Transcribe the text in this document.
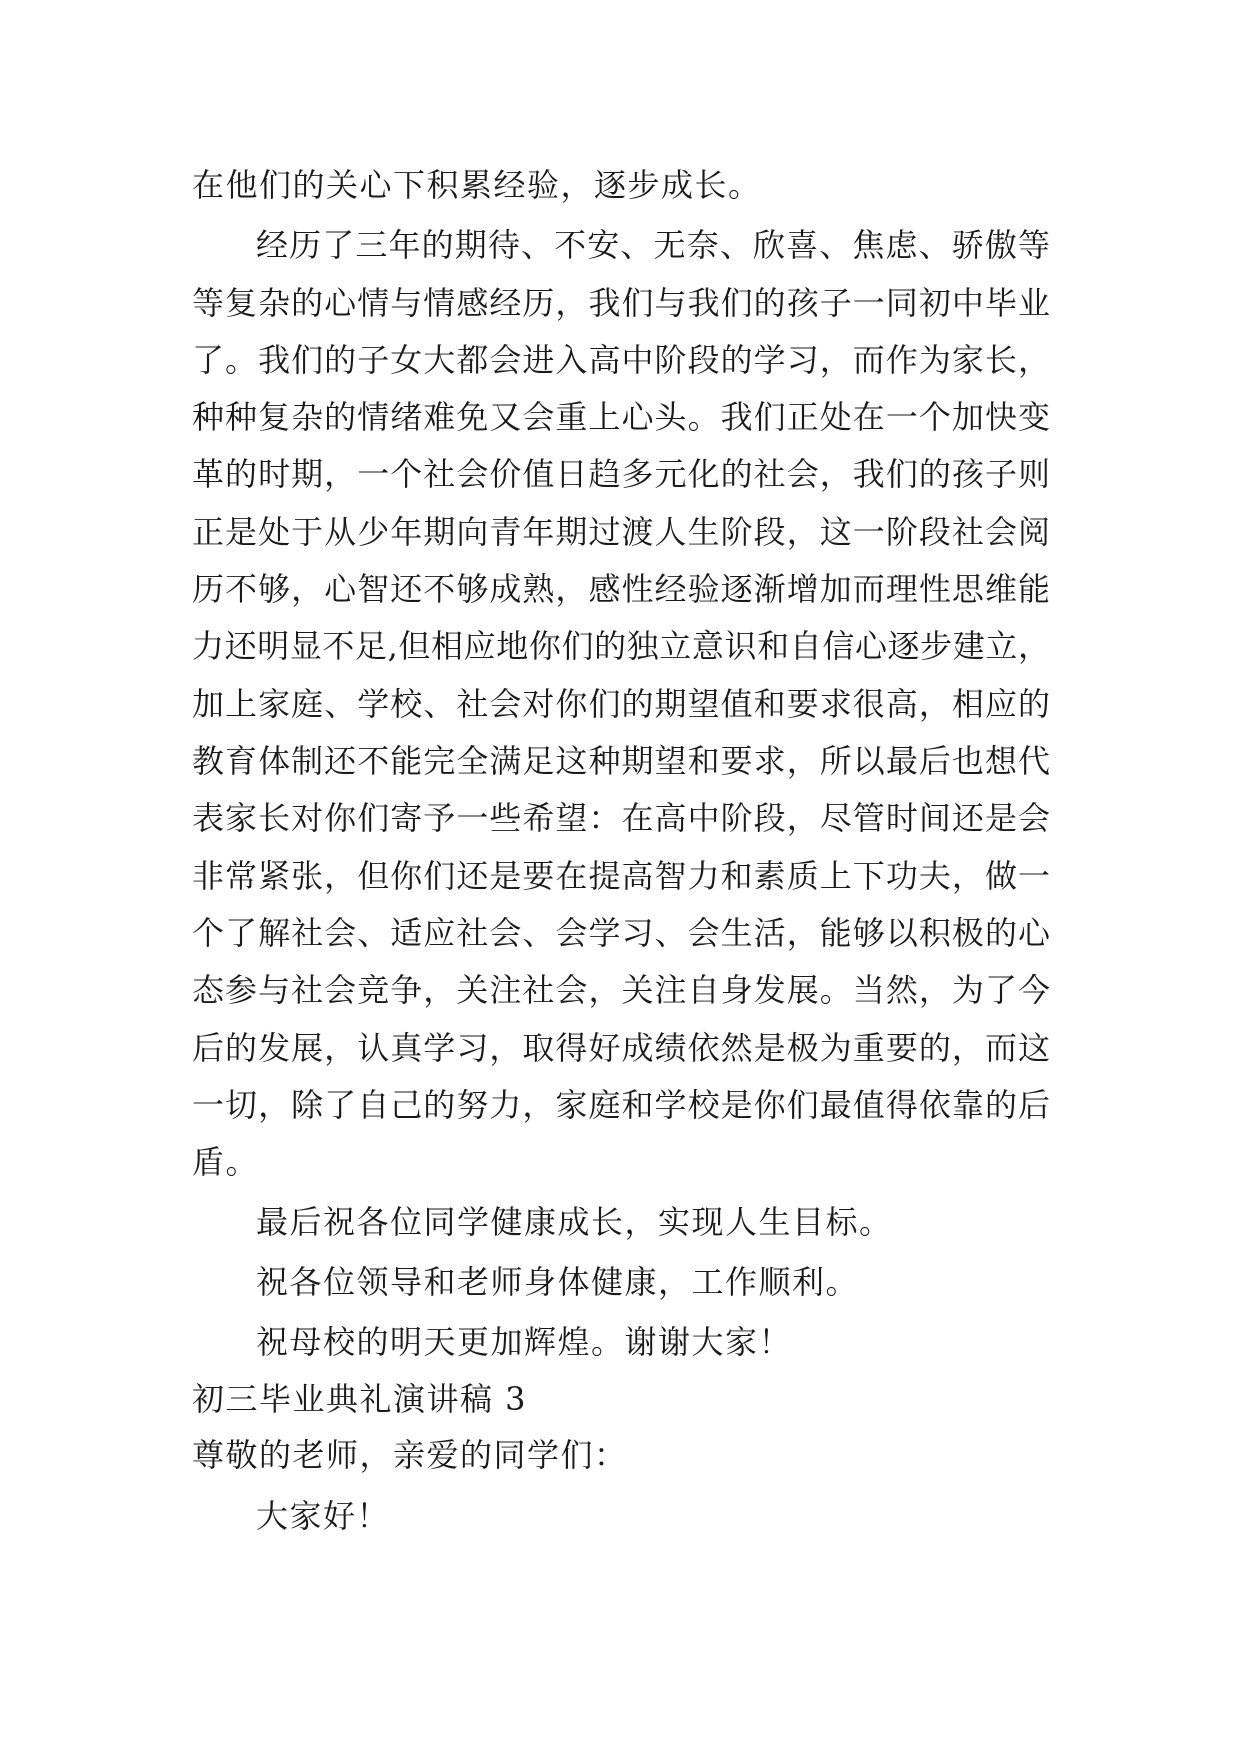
在他们的关心下积累经验，逐步成长。
经历了三年的期待、不安、无奈、欣喜、焦虑、骄傲等
等复杂的心情与情感经历，我们与我们的孩子一同初中毕业
了。我们的子女大都会进入高中阶段的学习，而作为家长，
种种复杂的情绪难免又会重上心头。我们正处在一个加快变
革的时期，一个社会价值日趋多元化的社会，我们的孩子则
正是处于从少年期向青年期过渡人生阶段，这一阶段社会阅
历不够，心智还不够成熟，感性经验逐渐增加而理性思维能
力还明显不足,但相应地你们的独立意识和自信心逐步建立，
加上家庭、学校、社会对你们的期望值和要求很高，相应的
教育体制还不能完全满足这种期望和要求，所以最后也想代
表家长对你们寄予一些希望：在高中阶段，尽管时间还是会
非常紧张，但你们还是要在提高智力和素质上下功夫，做一
个了解社会、适应社会、会学习、会生活，能够以积极的心
态参与社会竞争，关注社会，关注自身发展。当然，为了今
后的发展，认真学习，取得好成绩依然是极为重要的，而这
一切，除了自己的努力，家庭和学校是你们最值得依靠的后
盾。
最后祝各位同学健康成长，实现人生目标。
祝各位领导和老师身体健康，工作顺利。
祝母校的明天更加辉煌。谢谢大家！
初三毕业典礼演讲稿 3
尊敬的老师，亲爱的同学们：
大家好！
